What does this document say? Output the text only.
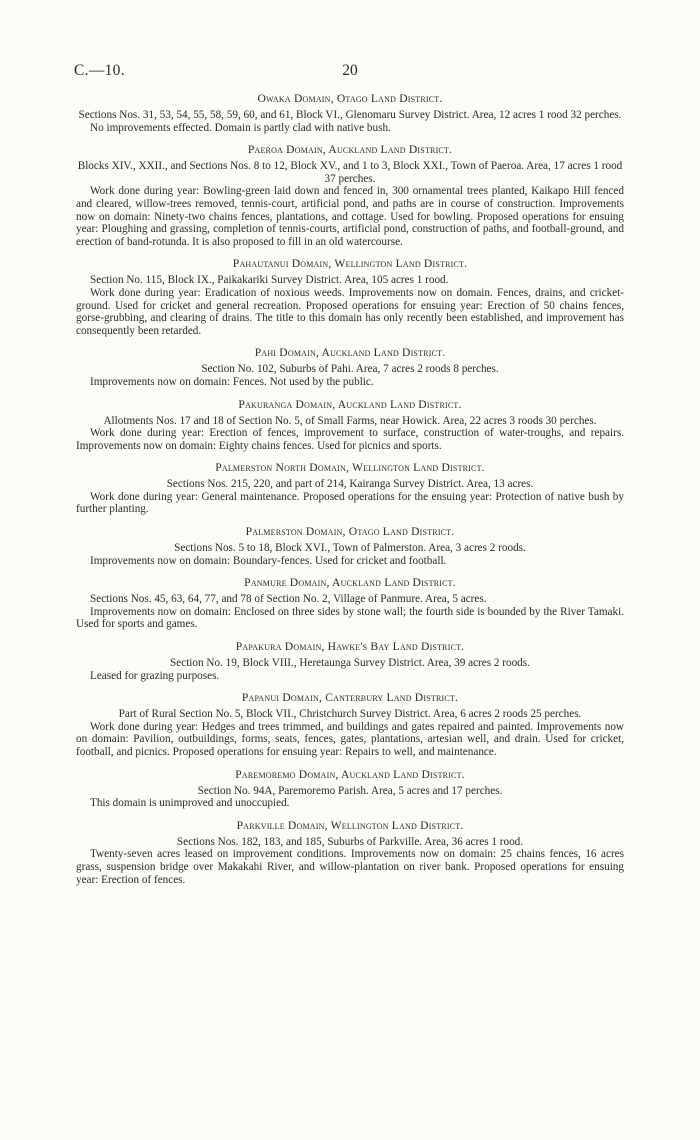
C.—10.	20
Owaka Domain, Otago Land District.

Sections Nos. 31, 53, 54, 55, 58, 59, 60, and 61, Block VI., Glenomaru Survey District. Area, 12 acres 1 rood 32 perches.

No improvements effected. Domain is partly clad with native bush.

Paeroa Domain, Auckland Land District.

Blocks XIV., XXII., and Sections Nos. 8 to 12, Block XV., and 1 to 3, Block XXI., Town of Paeroa. Area, 17 acres 1 rood 37 perches.

Work done during year: Bowling-green laid down and fenced in, 300 ornamental trees planted, Kaikapo Hill fenced and cleared, willow-trees removed, tennis-court, artificial pond, and paths are in course of construction. Improvements now on domain: Ninety-two chains fences, plantations, and cottage. Used for bowling. Proposed operations for ensuing year: Ploughing and grassing, completion of tennis-courts, artificial pond, construction of paths, and football-ground, and erection of band-rotunda. It is also proposed to fill in an old watercourse.

Pahautanui Domain, Wellington Land District.

Section No. 115, Block IX., Paikakariki Survey District. Area, 105 acres 1 rood.

Work done during year: Eradication of noxious weeds. Improvements now on domain. Fences, drains, and cricket-ground. Used for cricket and general recreation. Proposed operations for ensuing year: Erection of 50 chains fences, gorse-grubbing, and clearing of drains. The title to this domain has only recently been established, and improvement has consequently been retarded.

Pahi Domain, Auckland Land District.

Section No. 102, Suburbs of Pahi. Area, 7 acres 2 roods 8 perches.

Improvements now on domain: Fences. Not used by the public.

Pakuranga Domain, Auckland Land District.

Allotments Nos. 17 and 18 of Section No. 5, of Small Farms, near Howick. Area, 22 acres 3 roods 30 perches.

Work done during year: Erection of fences, improvement to surface, construction of water-troughs, and repairs. Improvements now on domain: Eighty chains fences. Used for picnics and sports.

Palmerston North Domain, Wellington Land District.

Sections Nos. 215, 220, and part of 214, Kairanga Survey District. Area, 13 acres.

Work done during year: General maintenance. Proposed operations for the ensuing year: Protection of native bush by further planting.

Palmerston Domain, Otago Land District.

Sections Nos. 5 to 18, Block XVI., Town of Palmerston. Area, 3 acres 2 roods.

Improvements now on domain: Boundary-fences. Used for cricket and football.

Panmure Domain, Auckland Land District.

Sections Nos. 45, 63, 64, 77, and 78 of Section No. 2, Village of Panmure. Area, 5 acres.

Improvements now on domain: Enclosed on three sides by stone wall; the fourth side is bounded by the River Tamaki. Used for sports and games.

Papakura Domain, Hawke's Bay Land District.

Section No. 19, Block VIII., Heretaunga Survey District. Area, 39 acres 2 roods.

Leased for grazing purposes.

Papanui Domain, Canterbury Land District.

Part of Rural Section No. 5, Block VII., Christchurch Survey District. Area, 6 acres 2 roods 25 perches.

Work done during year: Hedges and trees trimmed, and buildings and gates repaired and painted. Improvements now on domain: Pavilion, outbuildings, forms, seats, fences, gates, plantations, artesian well, and drain. Used for cricket, football, and picnics. Proposed operations for ensuing year: Repairs to well, and maintenance.

Paremoremo Domain, Auckland Land District.

Section No. 94A, Paremoremo Parish. Area, 5 acres and 17 perches.

This domain is unimproved and unoccupied.

Parkville Domain, Wellington Land District.

Sections Nos. 182, 183, and 185, Suburbs of Parkville. Area, 36 acres 1 rood.

Twenty-seven acres leased on improvement conditions. Improvements now on domain: 25 chains fences, 16 acres grass, suspension bridge over Makakahi River, and willow-plantation on river bank. Proposed operations for ensuing year: Erection of fences.
